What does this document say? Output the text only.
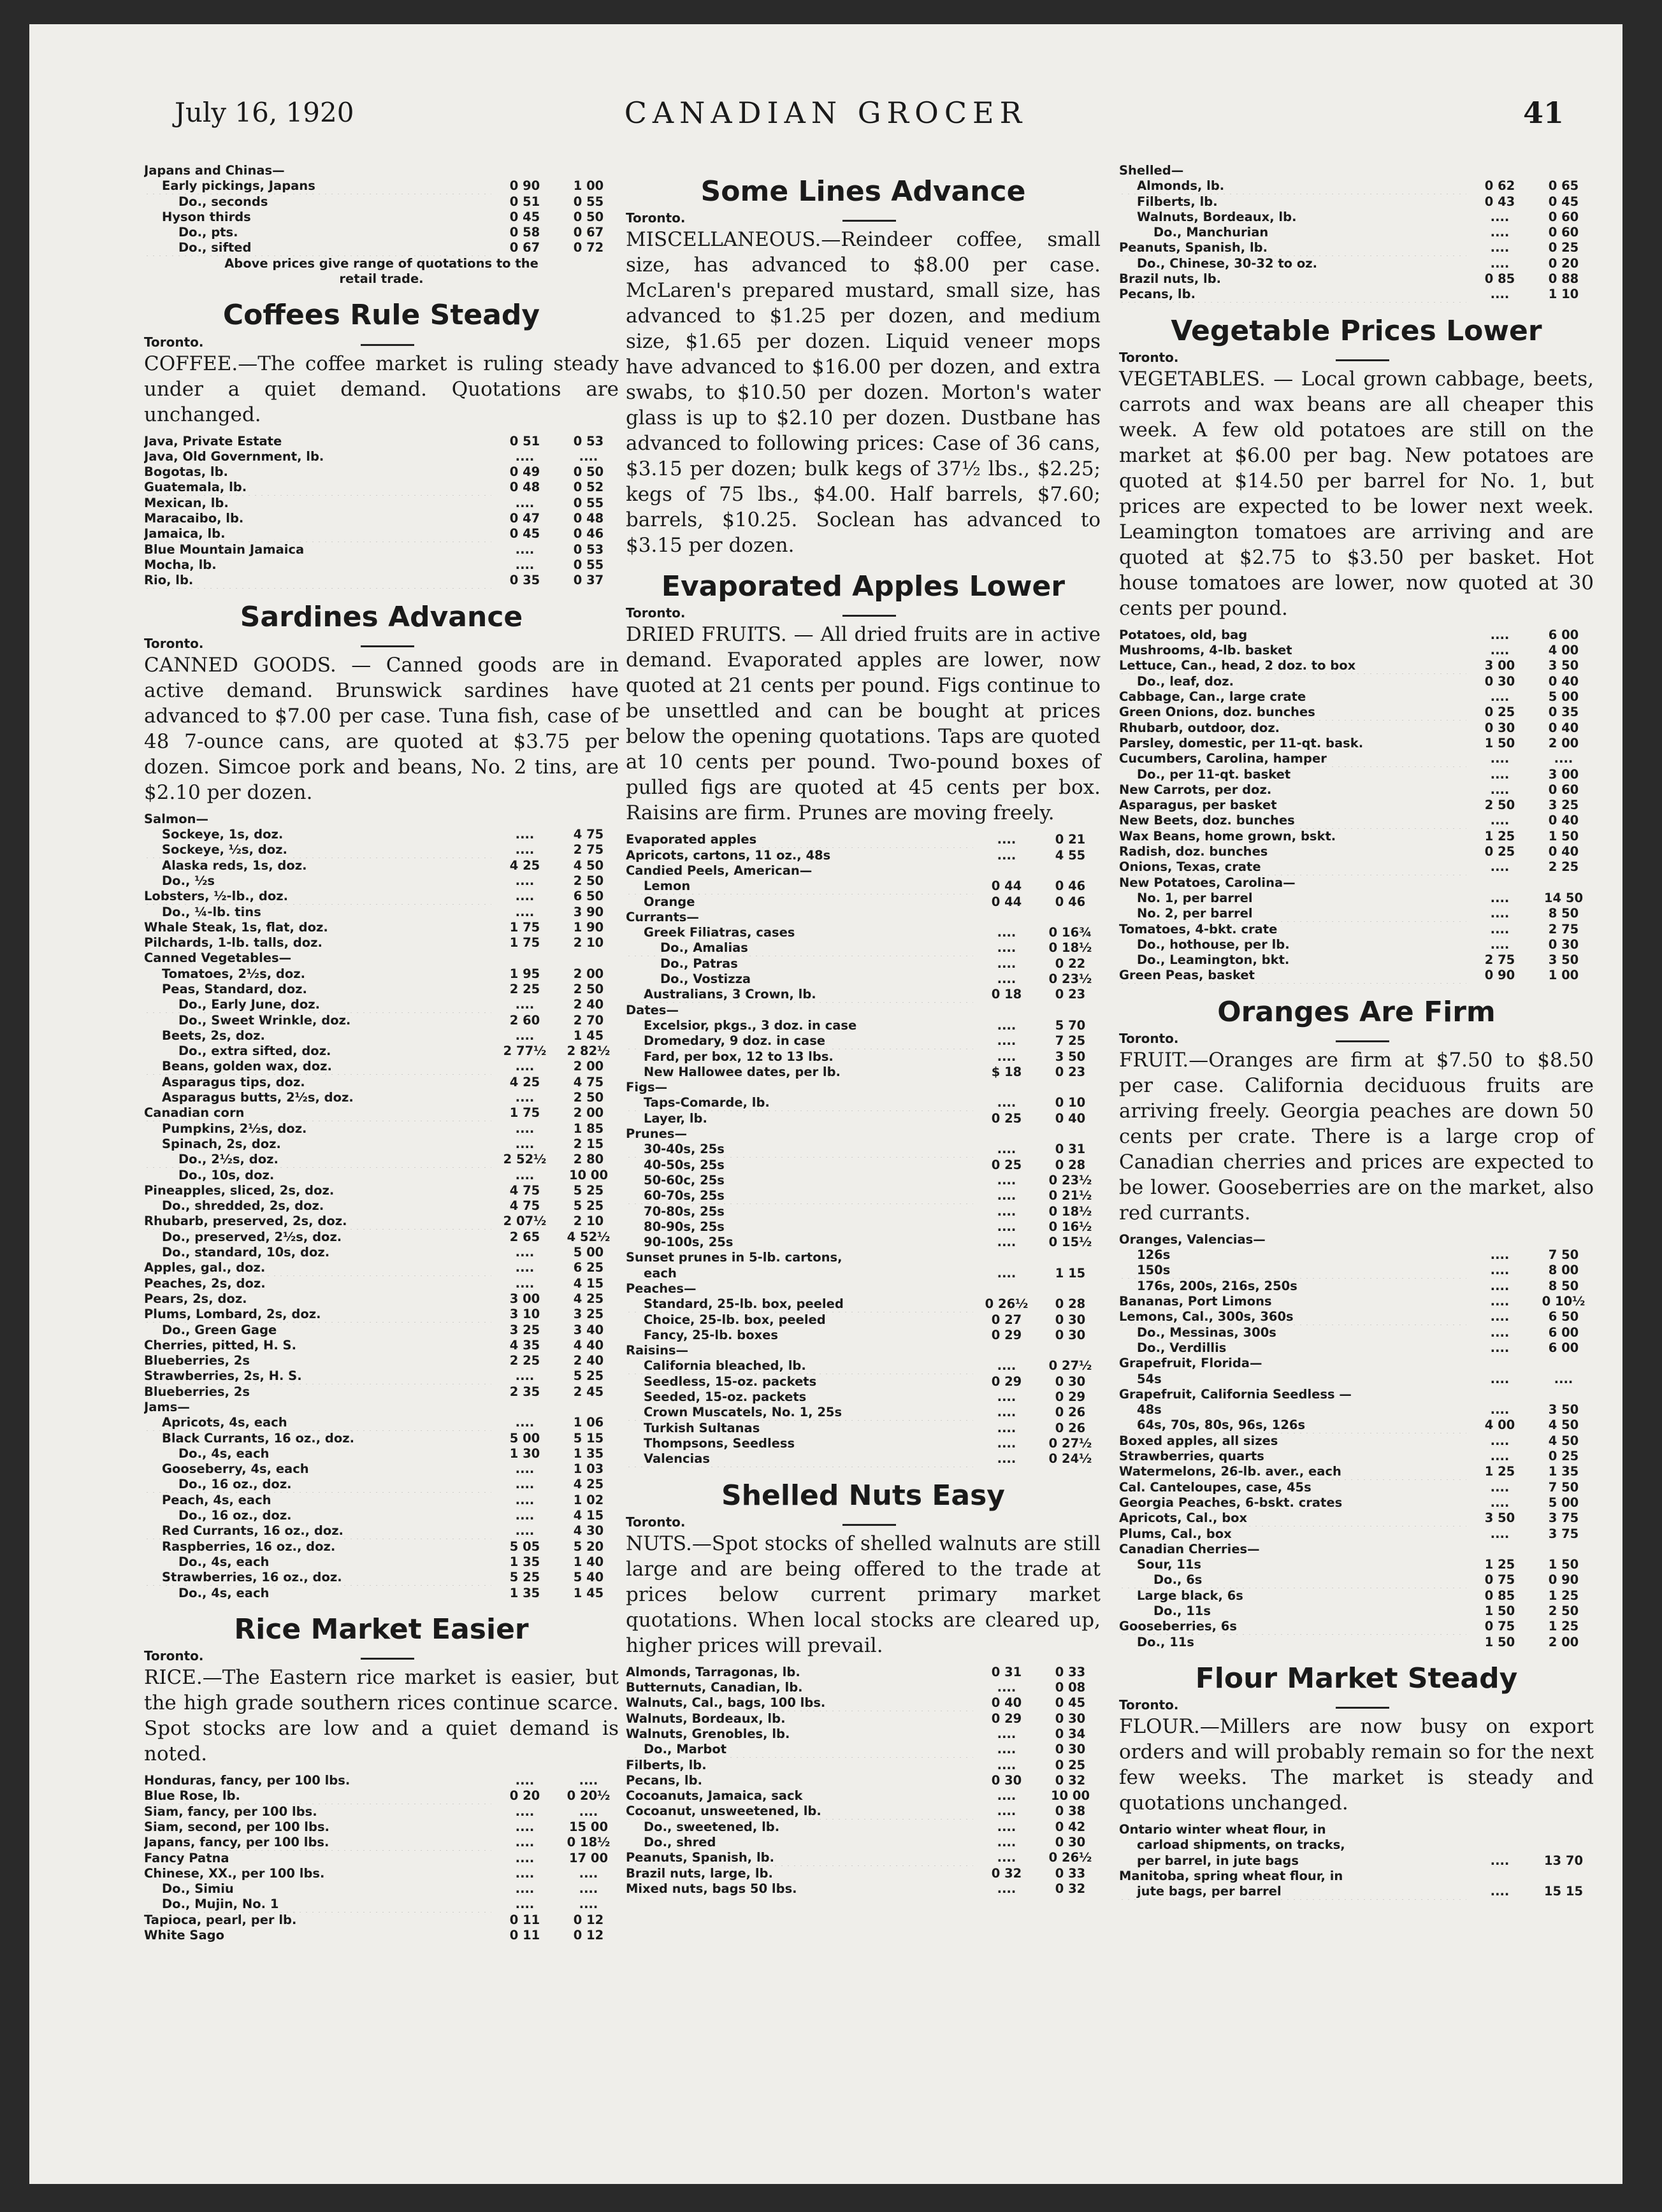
July 16, 1920	CANADIAN GROCER	41
Japans and Chinas—		
Early pickings, Japans	0 90	1 00
Do., seconds	0 51	0 55
Hyson thirds	0 45	0 50
Do., pts.	0 58	0 67
Do., sifted	0 67	0 72
Above prices give range of quotations to the
retail trade.
Coffees Rule Steady
Toronto.

COFFEE.—The coffee market is ruling steady under a quiet demand. Quotations are unchanged.

Java, Private Estate	0 51	0 53
Java, Old Government, lb.	....	....
Bogotas, lb.	0 49	0 50
Guatemala, lb.	0 48	0 52
Mexican, lb.	....	0 55
Maracaibo, lb.	0 47	0 48
Jamaica, lb.	0 45	0 46
Blue Mountain Jamaica	....	0 53
Mocha, lb.	....	0 55
Rio, lb.	0 35	0 37
Sardines Advance
Toronto.

CANNED GOODS. — Canned goods are in active demand. Brunswick sardines have advanced to $7.00 per case. Tuna fish, case of 48 7-ounce cans, are quoted at $3.75 per dozen. Simcoe pork and beans, No. 2 tins, are $2.10 per dozen.

Salmon—		
Sockeye, 1s, doz.	....	4 75
Sockeye, ½s, doz.	....	2 75
Alaska reds, 1s, doz.	4 25	4 50
Do., ½s	....	2 50
Lobsters, ½-lb., doz.	....	6 50
Do., ¼-lb. tins	....	3 90
Whale Steak, 1s, flat, doz.	1 75	1 90
Pilchards, 1-lb. talls, doz.	1 75	2 10
Canned Vegetables—		
Tomatoes, 2½s, doz.	1 95	2 00
Peas, Standard, doz.	2 25	2 50
Do., Early June, doz.	....	2 40
Do., Sweet Wrinkle, doz.	2 60	2 70
Beets, 2s, doz.	....	1 45
Do., extra sifted, doz.	2 77½	2 82½
Beans, golden wax, doz.	....	2 00
Asparagus tips, doz.	4 25	4 75
Asparagus butts, 2½s, doz.	....	2 50
Canadian corn	1 75	2 00
Pumpkins, 2½s, doz.	....	1 85
Spinach, 2s, doz.	....	2 15
Do., 2½s, doz.	2 52½	2 80
Do., 10s, doz.	....	10 00
Pineapples, sliced, 2s, doz.	4 75	5 25
Do., shredded, 2s, doz.	4 75	5 25
Rhubarb, preserved, 2s, doz.	2 07½	2 10
Do., preserved, 2½s, doz.	2 65	4 52½
Do., standard, 10s, doz.	....	5 00
Apples, gal., doz.	....	6 25
Peaches, 2s, doz.	....	4 15
Pears, 2s, doz.	3 00	4 25
Plums, Lombard, 2s, doz.	3 10	3 25
Do., Green Gage	3 25	3 40
Cherries, pitted, H. S.	4 35	4 40
Blueberries, 2s	2 25	2 40
Strawberries, 2s, H. S.	....	5 25
Blueberries, 2s	2 35	2 45
Jams—		
Apricots, 4s, each	....	1 06
Black Currants, 16 oz., doz.	5 00	5 15
Do., 4s, each	1 30	1 35
Gooseberry, 4s, each	....	1 03
Do., 16 oz., doz.	....	4 25
Peach, 4s, each	....	1 02
Do., 16 oz., doz.	....	4 15
Red Currants, 16 oz., doz.	....	4 30
Raspberries, 16 oz., doz.	5 05	5 20
Do., 4s, each	1 35	1 40
Strawberries, 16 oz., doz.	5 25	5 40
Do., 4s, each	1 35	1 45
Rice Market Easier
Toronto.

RICE.—The Eastern rice market is easier, but the high grade southern rices continue scarce. Spot stocks are low and a quiet demand is noted.

Honduras, fancy, per 100 lbs.	....	....
Blue Rose, lb.	0 20	0 20½
Siam, fancy, per 100 lbs.	....	....
Siam, second, per 100 lbs.	....	15 00
Japans, fancy, per 100 lbs.	....	0 18½
Fancy Patna	....	17 00
Chinese, XX., per 100 lbs.	....	....
Do., Simiu	....	....
Do., Mujin, No. 1	....	....
Tapioca, pearl, per lb.	0 11	0 12
White Sago	0 11	0 12
Some Lines Advance
Toronto.

MISCELLANEOUS.—Reindeer coffee, small size, has advanced to $8.00 per case. McLaren's prepared mustard, small size, has advanced to $1.25 per dozen, and medium size, $1.65 per dozen. Liquid veneer mops have advanced to $16.00 per dozen, and extra swabs, to $10.50 per dozen. Morton's water glass is up to $2.10 per dozen. Dustbane has advanced to following prices: Case of 36 cans, $3.15 per dozen; bulk kegs of 37½ lbs., $2.25; kegs of 75 lbs., $4.00. Half barrels, $7.60; barrels, $10.25. Soclean has advanced to $3.15 per dozen.

Evaporated Apples Lower
Toronto.

DRIED FRUITS. — All dried fruits are in active demand. Evaporated apples are lower, now quoted at 21 cents per pound. Figs continue to be unsettled and can be bought at prices below the opening quotations. Taps are quoted at 10 cents per pound. Two-pound boxes of pulled figs are quoted at 45 cents per box. Raisins are firm. Prunes are moving freely.

Evaporated apples	....	0 21
Apricots, cartons, 11 oz., 48s	....	4 55
Candied Peels, American—		
Lemon	0 44	0 46
Orange	0 44	0 46
Currants—		
Greek Filiatras, cases	....	0 16¾
Do., Amalias	....	0 18½
Do., Patras	....	0 22
Do., Vostizza	....	0 23½
Australians, 3 Crown, lb.	0 18	0 23
Dates—		
Excelsior, pkgs., 3 doz. in case	....	5 70
Dromedary, 9 doz. in case	....	7 25
Fard, per box, 12 to 13 lbs.	....	3 50
New Hallowee dates, per lb.	$ 18	0 23
Figs—		
Taps-Comarde, lb.	....	0 10
Layer, lb.	0 25	0 40
Prunes—		
30-40s, 25s	....	0 31
40-50s, 25s	0 25	0 28
50-60c, 25s	....	0 23½
60-70s, 25s	....	0 21½
70-80s, 25s	....	0 18½
80-90s, 25s	....	0 16½
90-100s, 25s	....	0 15½
Sunset prunes in 5-lb. cartons,		
each	....	1 15
Peaches—		
Standard, 25-lb. box, peeled	0 26½	0 28
Choice, 25-lb. box, peeled	0 27	0 30
Fancy, 25-lb. boxes	0 29	0 30
Raisins—		
California bleached, lb.	....	0 27½
Seedless, 15-oz. packets	0 29	0 30
Seeded, 15-oz. packets	....	0 29
Crown Muscatels, No. 1, 25s	....	0 26
Turkish Sultanas	....	0 26
Thompsons, Seedless	....	0 27½
Valencias	....	0 24½
Shelled Nuts Easy
Toronto.

NUTS.—Spot stocks of shelled walnuts are still large and are being offered to the trade at prices below current primary market quotations. When local stocks are cleared up, higher prices will prevail.

Almonds, Tarragonas, lb.	0 31	0 33
Butternuts, Canadian, lb.	....	0 08
Walnuts, Cal., bags, 100 lbs.	0 40	0 45
Walnuts, Bordeaux, lb.	0 29	0 30
Walnuts, Grenobles, lb.	....	0 34
Do., Marbot	....	0 30
Filberts, lb.	....	0 25
Pecans, lb.	0 30	0 32
Cocoanuts, Jamaica, sack	....	10 00
Cocoanut, unsweetened, lb.	....	0 38
Do., sweetened, lb.	....	0 42
Do., shred	....	0 30
Peanuts, Spanish, lb.	....	0 26½
Brazil nuts, large, lb.	0 32	0 33
Mixed nuts, bags 50 lbs.	....	0 32
Shelled—		
Almonds, lb.	0 62	0 65
Filberts, lb.	0 43	0 45
Walnuts, Bordeaux, lb.	....	0 60
Do., Manchurian	....	0 60
Peanuts, Spanish, lb.	....	0 25
Do., Chinese, 30-32 to oz.	....	0 20
Brazil nuts, lb.	0 85	0 88
Pecans, lb.	....	1 10
Vegetable Prices Lower
Toronto.

VEGETABLES. — Local grown cabbage, beets, carrots and wax beans are all cheaper this week. A few old potatoes are still on the market at $6.00 per bag. New potatoes are quoted at $14.50 per barrel for No. 1, but prices are expected to be lower next week. Leamington tomatoes are arriving and are quoted at $2.75 to $3.50 per basket. Hot house tomatoes are lower, now quoted at 30 cents per pound.

Potatoes, old, bag	....	6 00
Mushrooms, 4-lb. basket	....	4 00
Lettuce, Can., head, 2 doz. to box	3 00	3 50
Do., leaf, doz.	0 30	0 40
Cabbage, Can., large crate	....	5 00
Green Onions, doz. bunches	0 25	0 35
Rhubarb, outdoor, doz.	0 30	0 40
Parsley, domestic, per 11-qt. bask.	1 50	2 00
Cucumbers, Carolina, hamper	....	....
Do., per 11-qt. basket	....	3 00
New Carrots, per doz.	....	0 60
Asparagus, per basket	2 50	3 25
New Beets, doz. bunches	....	0 40
Wax Beans, home grown, bskt.	1 25	1 50
Radish, doz. bunches	0 25	0 40
Onions, Texas, crate	....	2 25
New Potatoes, Carolina—		
No. 1, per barrel	....	14 50
No. 2, per barrel	....	8 50
Tomatoes, 4-bkt. crate	....	2 75
Do., hothouse, per lb.	....	0 30
Do., Leamington, bkt.	2 75	3 50
Green Peas, basket	0 90	1 00
Oranges Are Firm
Toronto.

FRUIT.—Oranges are firm at $7.50 to $8.50 per case. California deciduous fruits are arriving freely. Georgia peaches are down 50 cents per crate. There is a large crop of Canadian cherries and prices are expected to be lower. Gooseberries are on the market, also red currants.

Oranges, Valencias—		
126s	....	7 50
150s	....	8 00
176s, 200s, 216s, 250s	....	8 50
Bananas, Port Limons	....	0 10½
Lemons, Cal., 300s, 360s	....	6 50
Do., Messinas, 300s	....	6 00
Do., Verdillis	....	6 00
Grapefruit, Florida—		
54s	....	....
Grapefruit, California Seedless —		
48s	....	3 50
64s, 70s, 80s, 96s, 126s	4 00	4 50
Boxed apples, all sizes	....	4 50
Strawberries, quarts	....	0 25
Watermelons, 26-lb. aver., each	1 25	1 35
Cal. Canteloupes, case, 45s	....	7 50
Georgia Peaches, 6-bskt. crates	....	5 00
Apricots, Cal., box	3 50	3 75
Plums, Cal., box	....	3 75
Canadian Cherries—		
Sour, 11s	1 25	1 50
Do., 6s	0 75	0 90
Large black, 6s	0 85	1 25
Do., 11s	1 50	2 50
Gooseberries, 6s	0 75	1 25
Do., 11s	1 50	2 00
Flour Market Steady
Toronto.

FLOUR.—Millers are now busy on export orders and will probably remain so for the next few weeks. The market is steady and quotations unchanged.

Ontario winter wheat flour, in		
carload shipments, on tracks,		
per barrel, in jute bags	....	13 70
Manitoba, spring wheat flour, in		
jute bags, per barrel	....	15 15
